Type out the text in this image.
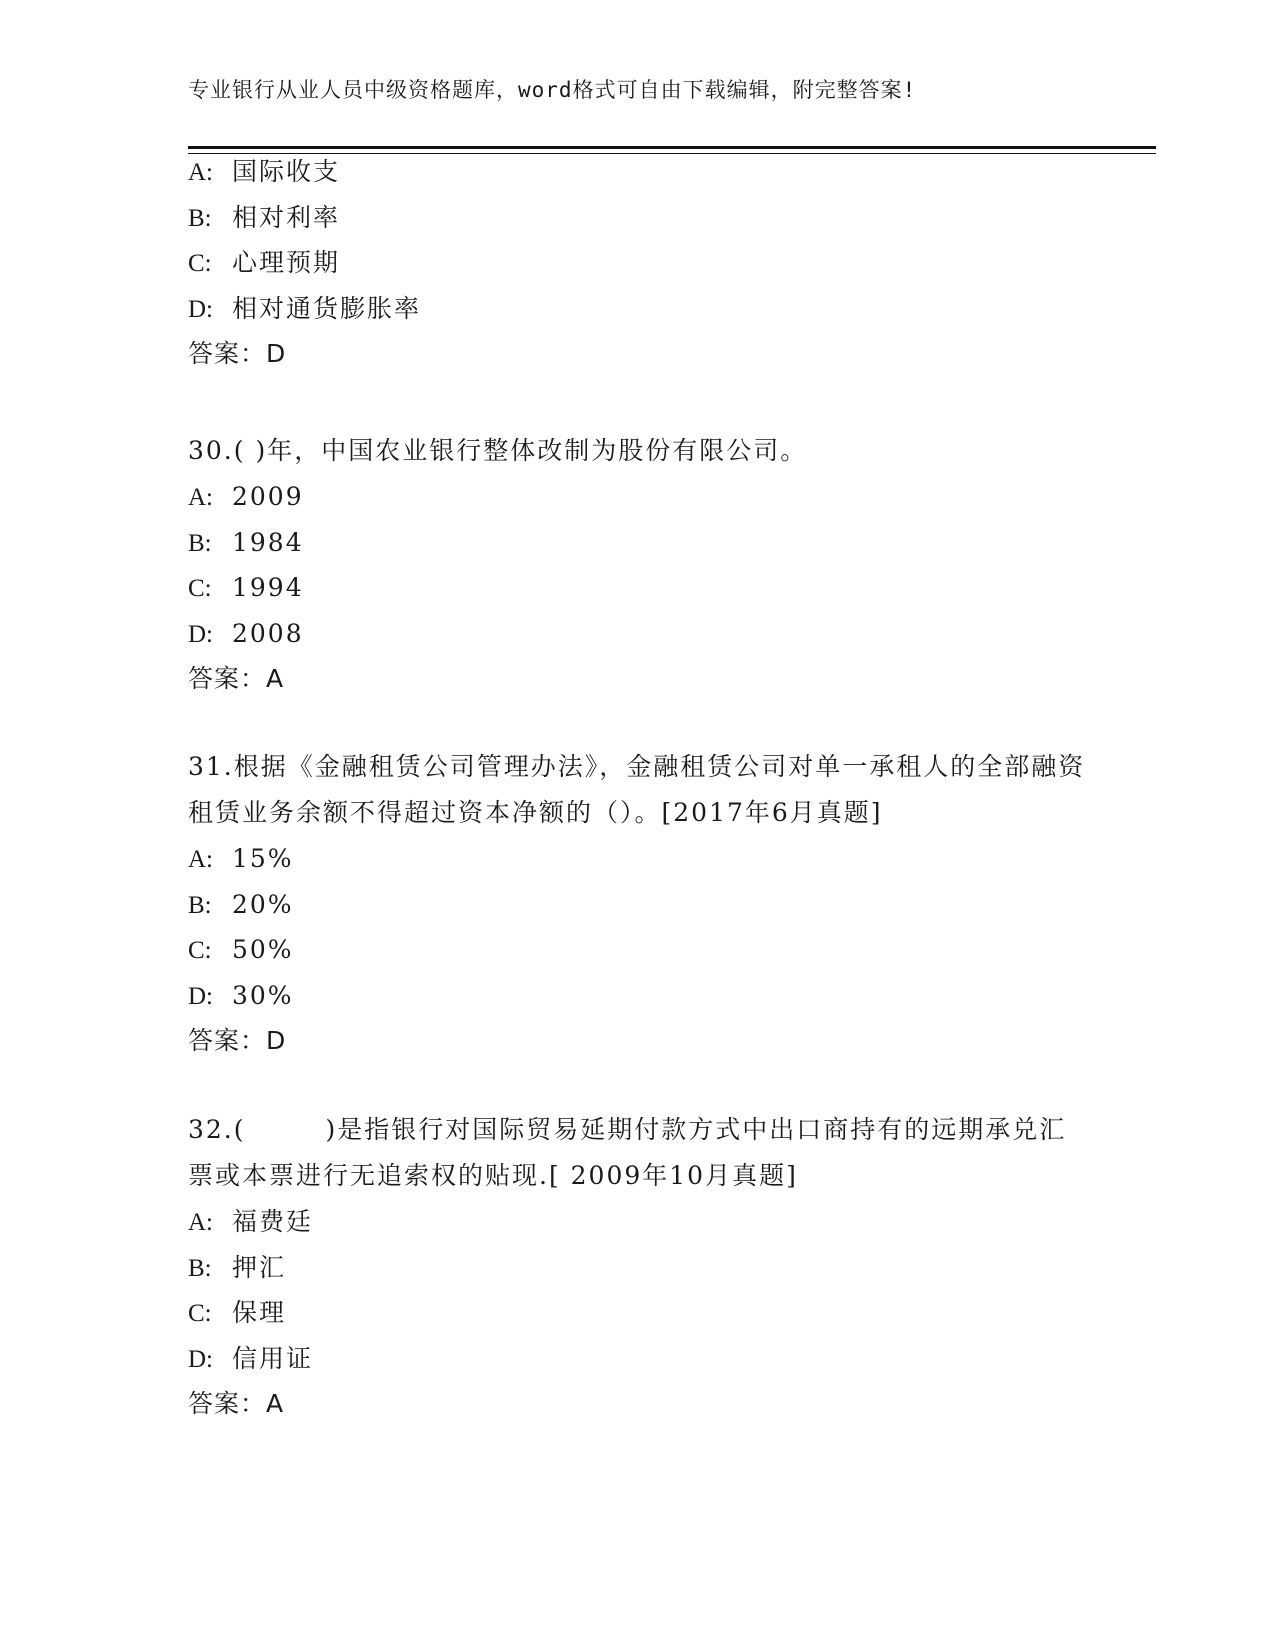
专业银行从业人员中级资格题库，word格式可自由下载编辑，附完整答案!
A: 国际收支
B: 相对利率
C: 心理预期
D: 相对通货膨胀率
答案：D
30.( )年，中国农业银行整体改制为股份有限公司。
A: 2009
B: 1984
C: 1994
D: 2008
答案：A
31.根据《金融租赁公司管理办法》，金融租赁公司对单一承租人的全部融资租赁业务余额不得超过资本净额的（）。[2017年6月真题]
A: 15%
B: 20%
C: 50%
D: 30%
答案：D
32.(	)是指银行对国际贸易延期付款方式中出口商持有的远期承兑汇票或本票进行无追索权的贴现.[ 2009年10月真题]
A: 福费廷
B: 押汇
C: 保理
D: 信用证
答案：A
